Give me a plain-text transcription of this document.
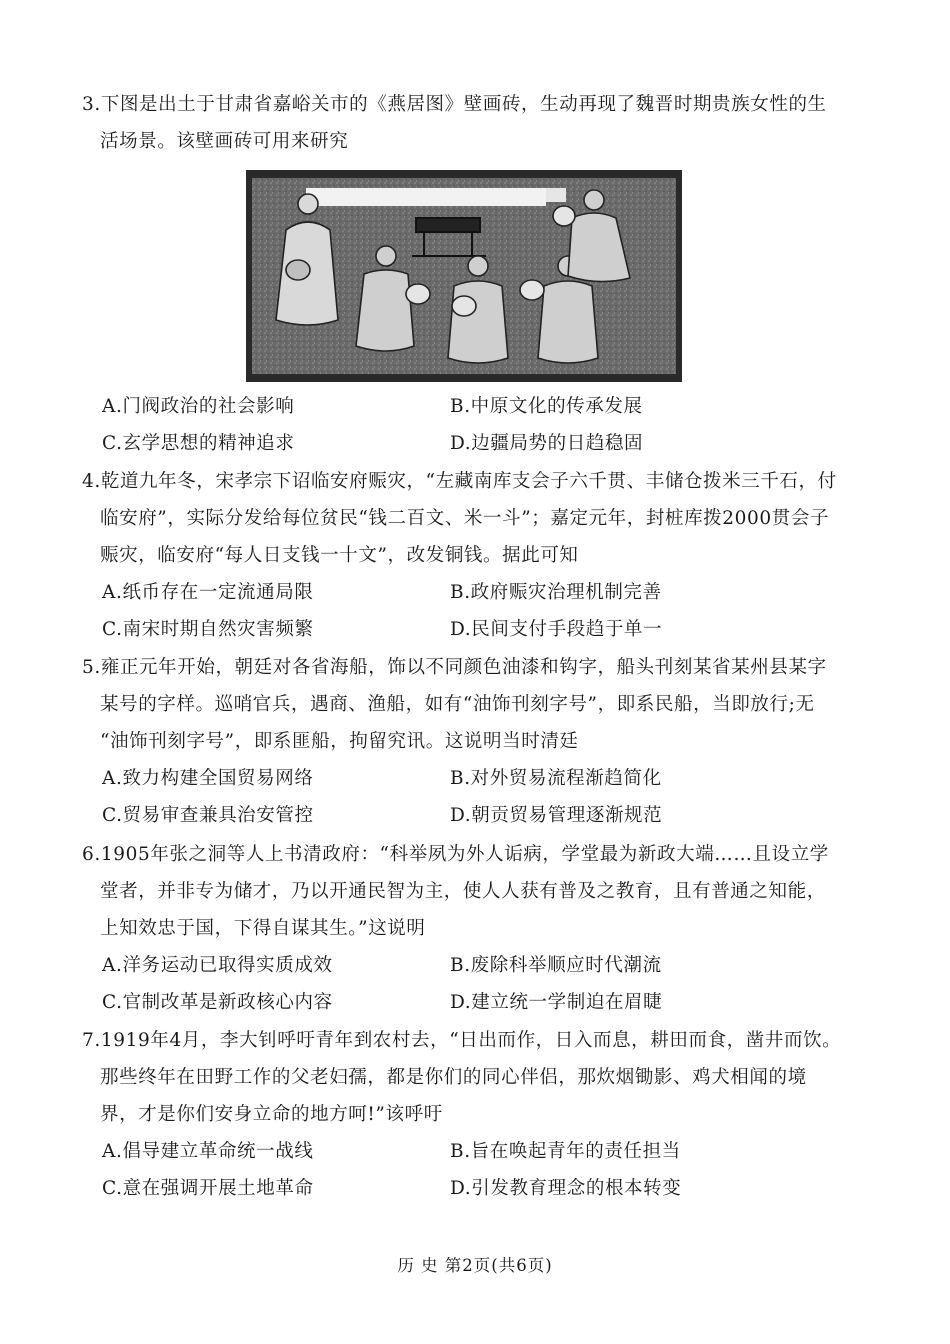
3.下图是出土于甘肃省嘉峪关市的《燕居图》壁画砖，生动再现了魏晋时期贵族女性的生
活场景。该壁画砖可用来研究
A.门阀政治的社会影响	B.中原文化的传承发展
C.玄学思想的精神追求	D.边疆局势的日趋稳固
4.乾道九年冬，宋孝宗下诏临安府赈灾，“左藏南库支会子六千贯、丰储仓拨米三千石，付
临安府”，实际分发给每位贫民“钱二百文、米一斗”；嘉定元年，封桩库拨2000贯会子
赈灾，临安府“每人日支钱一十文”，改发铜钱。据此可知
A.纸币存在一定流通局限	B.政府赈灾治理机制完善
C.南宋时期自然灾害频繁	D.民间支付手段趋于单一
5.雍正元年开始，朝廷对各省海船，饰以不同颜色油漆和钩字，船头刊刻某省某州县某字
某号的字样。巡哨官兵，遇商、渔船，如有“油饰刊刻字号”，即系民船，当即放行;无
“油饰刊刻字号”，即系匪船，拘留究讯。这说明当时清廷
A.致力构建全国贸易网络	B.对外贸易流程渐趋简化
C.贸易审查兼具治安管控	D.朝贡贸易管理逐渐规范
6.1905年张之洞等人上书清政府：“科举夙为外人诟病，学堂最为新政大端……且设立学
堂者，并非专为储才，乃以开通民智为主，使人人获有普及之教育，且有普通之知能，
上知效忠于国，下得自谋其生。”这说明
A.洋务运动已取得实质成效	B.废除科举顺应时代潮流
C.官制改革是新政核心内容	D.建立统一学制迫在眉睫
7.1919年4月，李大钊呼吁青年到农村去，“日出而作，日入而息，耕田而食，凿井而饮。
那些终年在田野工作的父老妇孺，都是你们的同心伴侣，那炊烟锄影、鸡犬相闻的境
界，才是你们安身立命的地方呵!”该呼吁
A.倡导建立革命统一战线	B.旨在唤起青年的责任担当
C.意在强调开展土地革命	D.引发教育理念的根本转变
历 史 第2页(共6页)
